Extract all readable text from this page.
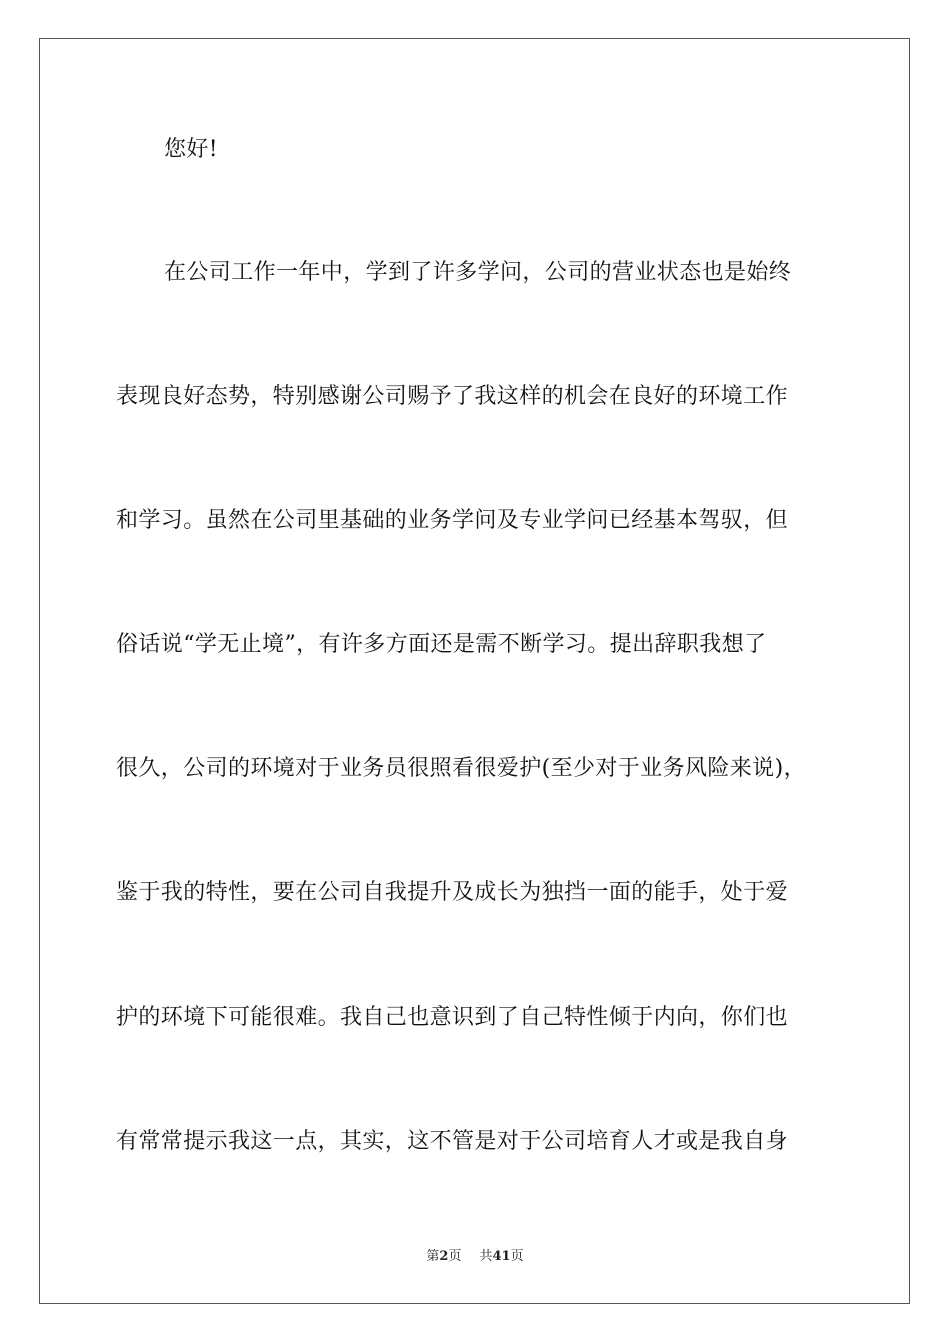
您好!
在公司工作一年中，学到了许多学问，公司的营业状态也是始终
表现良好态势，特别感谢公司赐予了我这样的机会在良好的环境工作
和学习。虽然在公司里基础的业务学问及专业学问已经基本驾驭，但
俗话说“学无止境”，有许多方面还是需不断学习。提出辞职我想了
很久，公司的环境对于业务员很照看很爱护(至少对于业务风险来说)，
鉴于我的特性，要在公司自我提升及成长为独挡一面的能手，处于爱
护的环境下可能很难。我自己也意识到了自己特性倾于内向，你们也
有常常提示我这一点，其实，这不管是对于公司培育人才或是我自身
第2页 共41页
